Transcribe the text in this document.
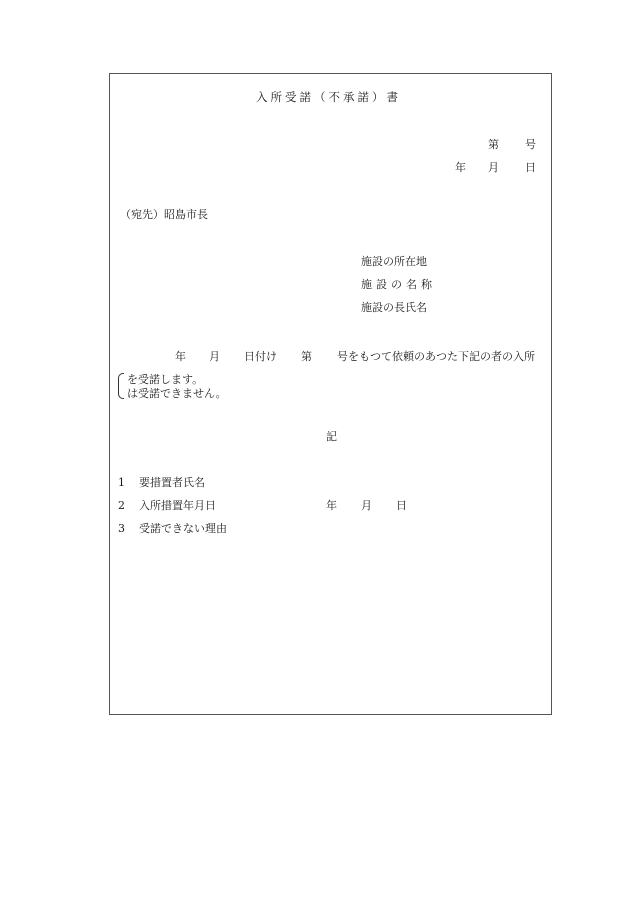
入所受諾（不承諾）書
第 号
年 月 日
（宛先）昭島市長
施設の所在地
施設の名称
施設の長氏名
年 月 日付け 第 号をもつて依頼のあつた下記の者の入所
を受諾します。
は受諾できません。
記
1 要措置者氏名
2 入所措置年月日	年 月 日
3 受諾できない理由
